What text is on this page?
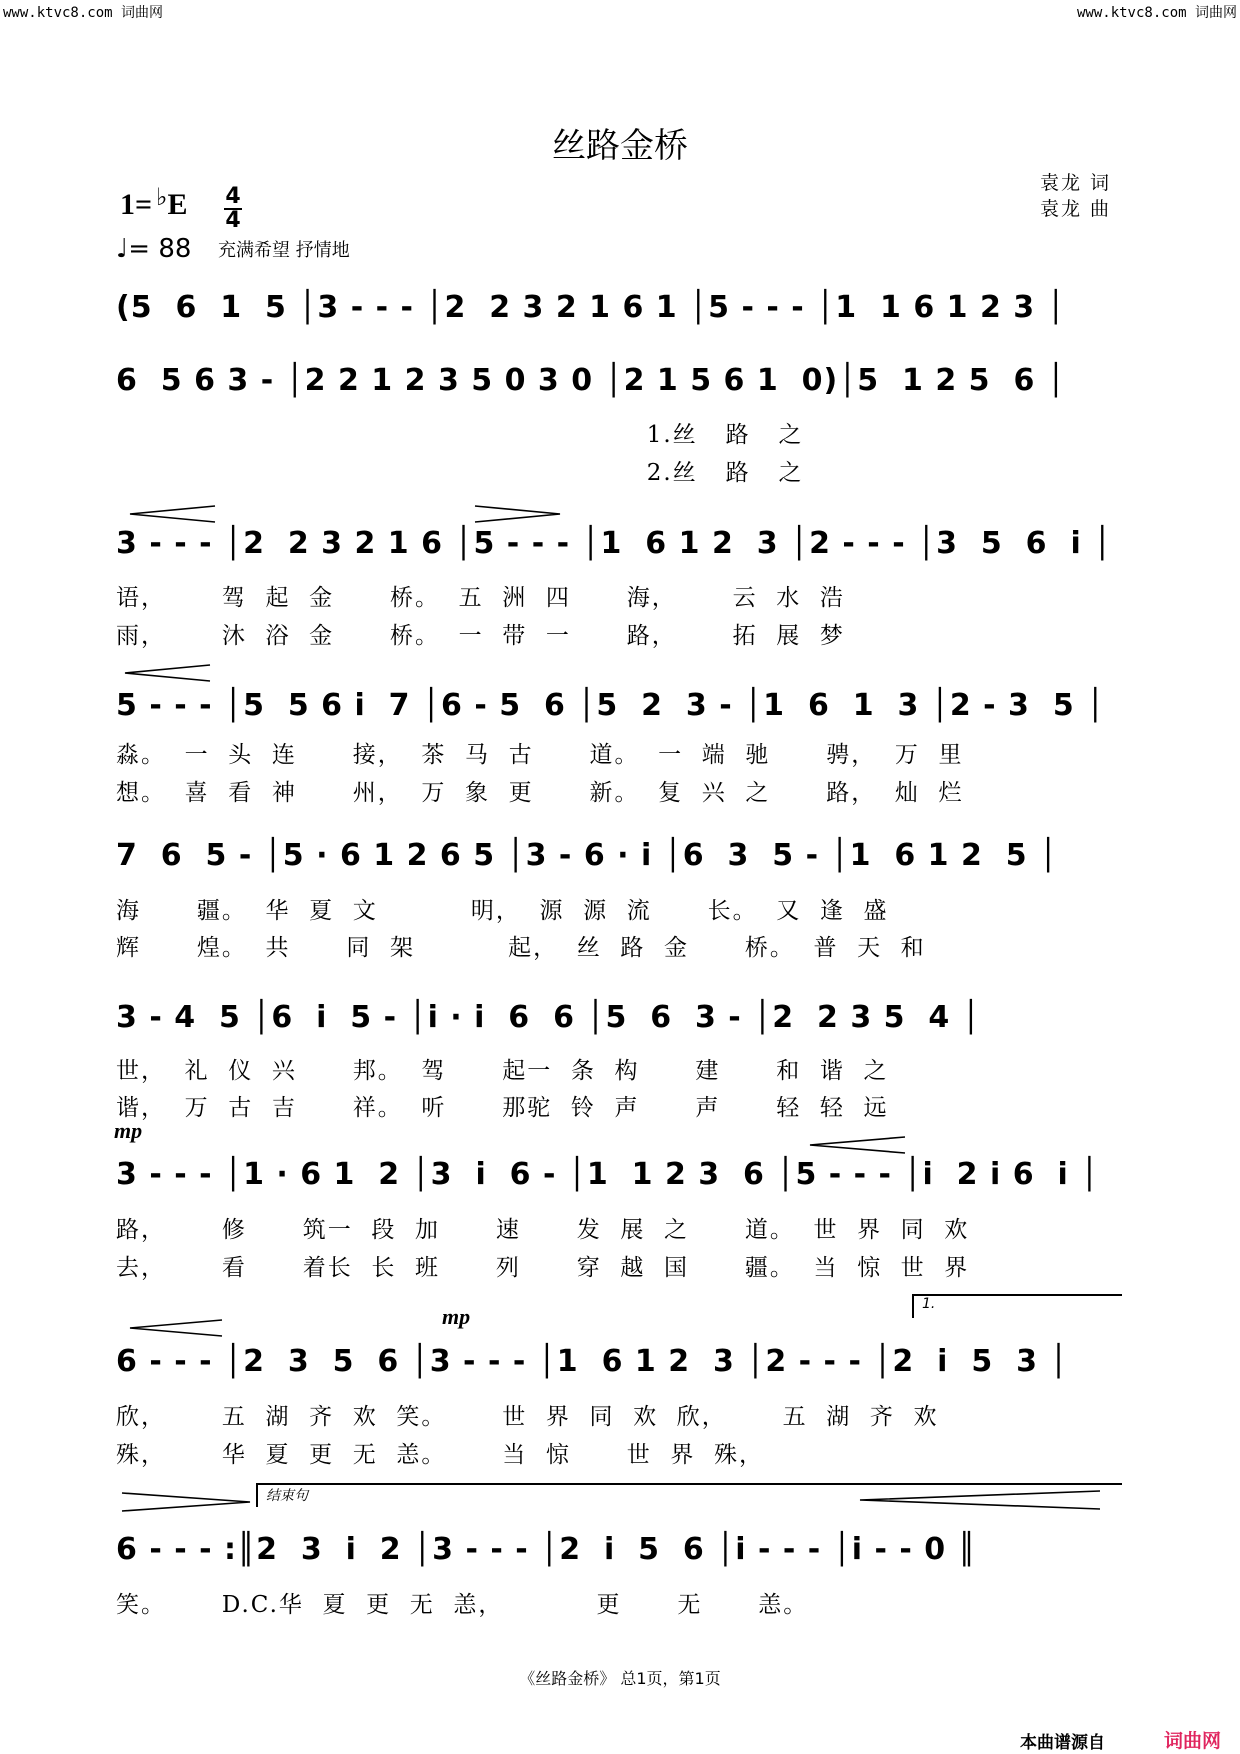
www.ktvc8.com 词曲网	www.ktvc8.com 词曲网
丝路金桥
1= ♭E 4
4
♩= 88 充满希望 抒情地
袁龙 词
袁龙 曲
(5  6  1  5 │3 - - - │2  2 3 2 1 6 1 │5 - - - │1  1 6 1 2 3 │
6  5 6 3 - │2 2 1 2 3 5 0 3 0 │2 1 5 6 1  0)│5  1 2 5  6 │
1.丝   路   之
2.丝   路   之
3 - - - │2  2 3 2 1 6 │5 - - - │1  6 1 2  3 │2 - - - │3  5  6  i │
语，      驾  起  金      桥。  五  洲  四      海，      云  水  浩
雨，      沐  浴  金      桥。  一  带  一      路，      拓  展  梦
5 - - - │5  5 6 i  7 │6 - 5  6 │5  2  3 - │1  6  1  3 │2 - 3  5 │
淼。  一  头  连      接，  茶  马  古      道。  一  端  驰      骋，  万  里
想。  喜  看  神      州，  万  象  更      新。  复  兴  之      路，  灿  烂
7  6  5 - │5 · 6 1 2 6 5 │3 - 6 · i │6  3  5 - │1  6 1 2  5 │
海      疆。  华  夏  文          明，  源  源  流      长。  又  逢  盛
辉      煌。  共      同  架          起，  丝  路  金      桥。  普  天  和
3 - 4  5 │6  i  5 - │i · i  6  6 │5  6  3 - │2  2 3 5  4 │
世，  礼  仪  兴      邦。  驾      起一  条  构      建      和  谐  之
谐，  万  古  吉      祥。  听      那驼  铃  声      声      轻  轻  远
mp
3 - - - │1 · 6 1  2 │3  i  6 - │1  1 2 3  6 │5 - - - │i  2 i 6  i │
路，      修      筑一  段  加      速      发  展  之      道。  世  界  同  欢
去，      看      着长  长  班      列      穿  越  国      疆。  当  惊  世  界
1.
mp
6 - - - │2  3  5  6 │3 - - - │1  6 1 2  3 │2 - - - │2  i  5  3 │
欣，      五  湖  齐  欢  笑。      世  界  同  欢  欣，      五  湖  齐  欢
殊，      华  夏  更  无  恙。      当  惊      世  界  殊，
结束句
6 - - - :║2  3  i  2 │3 - - - │2  i  5  6 │i - - - │i - - 0 ║
笑。      D.C.华  夏  更  无  恙，          更      无      恙。
《丝路金桥》 总1页，第1页
本曲谱源自	词曲网
